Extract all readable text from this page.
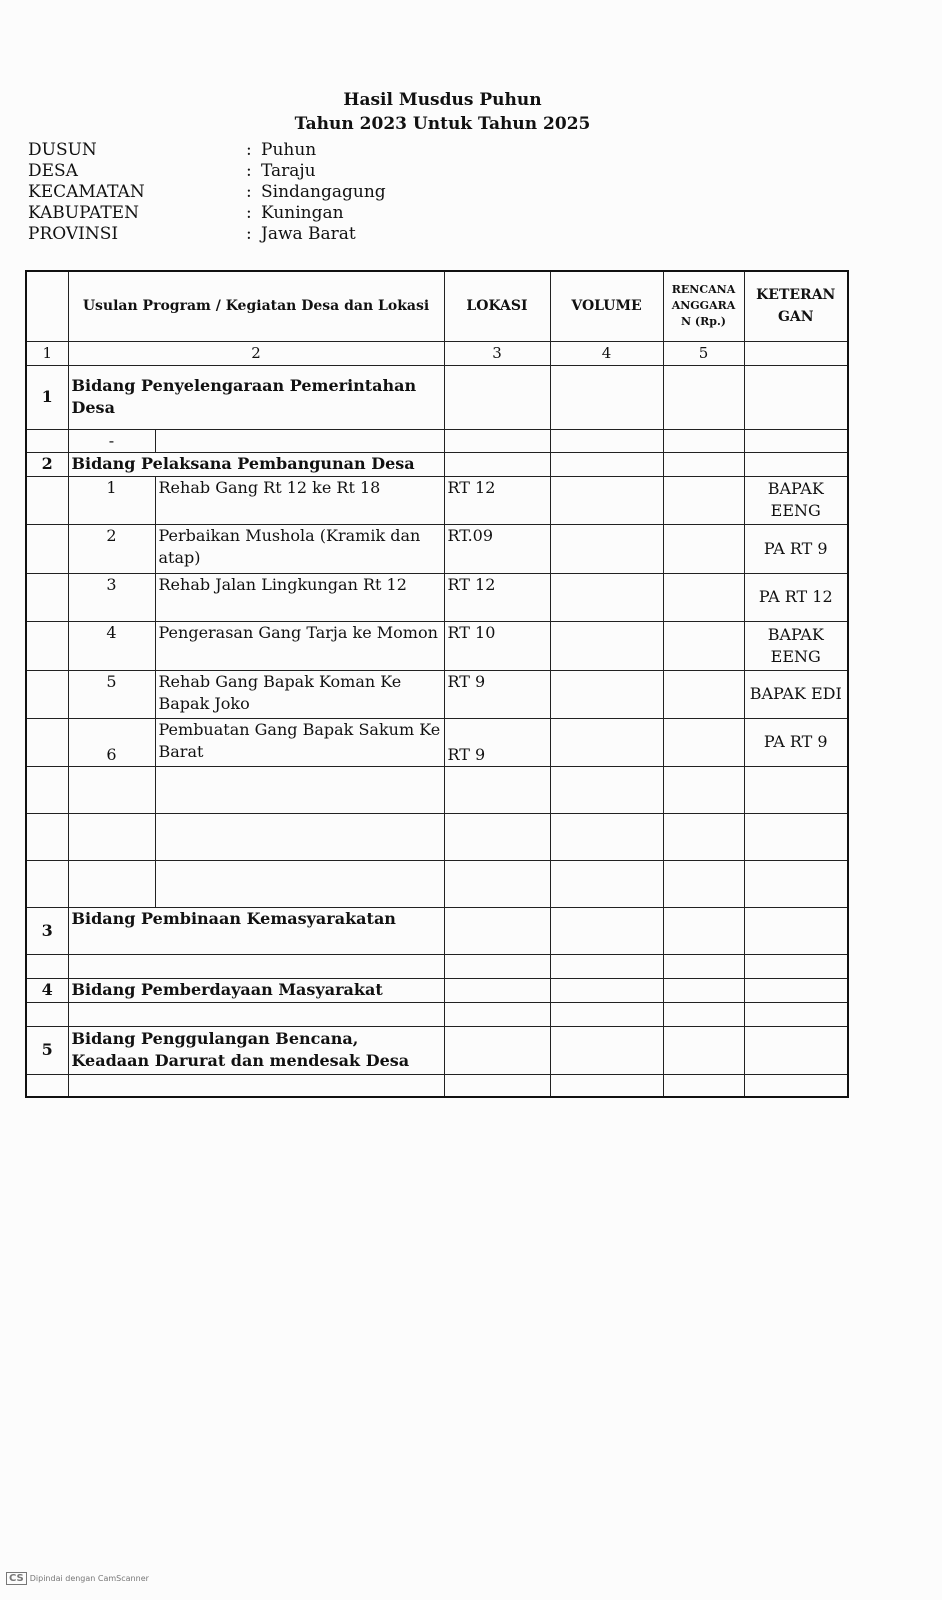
Hasil Musdus Puhun
Tahun 2023 Untuk Tahun 2025
DUSUN	: Puhun
DESA	: Taraju
KECAMATAN	: Sindangagung
KABUPATEN	: Kuningan
PROVINSI	: Jawa Barat
	Usulan Program / Kegiatan Desa dan Lokasi		LOKASI	VOLUME	RENCANA ANGGARA N (Rp.)	KETERAN GAN
1	2		3	4	5	
1	Bidang Penyelengaraan Pemerintahan Desa					
	-					
2	Bidang Pelaksana Pembangunan Desa					
	1	Rehab Gang Rt 12 ke Rt 18	RT 12			BAPAK EENG
	2	Perbaikan Mushola (Kramik dan atap)	RT.09			PA RT 9
	3	Rehab Jalan Lingkungan Rt 12	RT 12			PA RT 12
	4	Pengerasan Gang Tarja ke Momon	RT 10			BAPAK EENG
	5	Rehab Gang Bapak Koman Ke Bapak Joko	RT 9			BAPAK EDI
	6	Pembuatan Gang Bapak Sakum Ke Barat	RT 9			PA RT 9

3	Bidang Pembinaan Kemasyarakatan					

4	Bidang Pemberdayaan Masyarakat					

5	Bidang Penggulangan Bencana, Keadaan Darurat dan mendesak Desa					

CS Dipindai dengan CamScanner
